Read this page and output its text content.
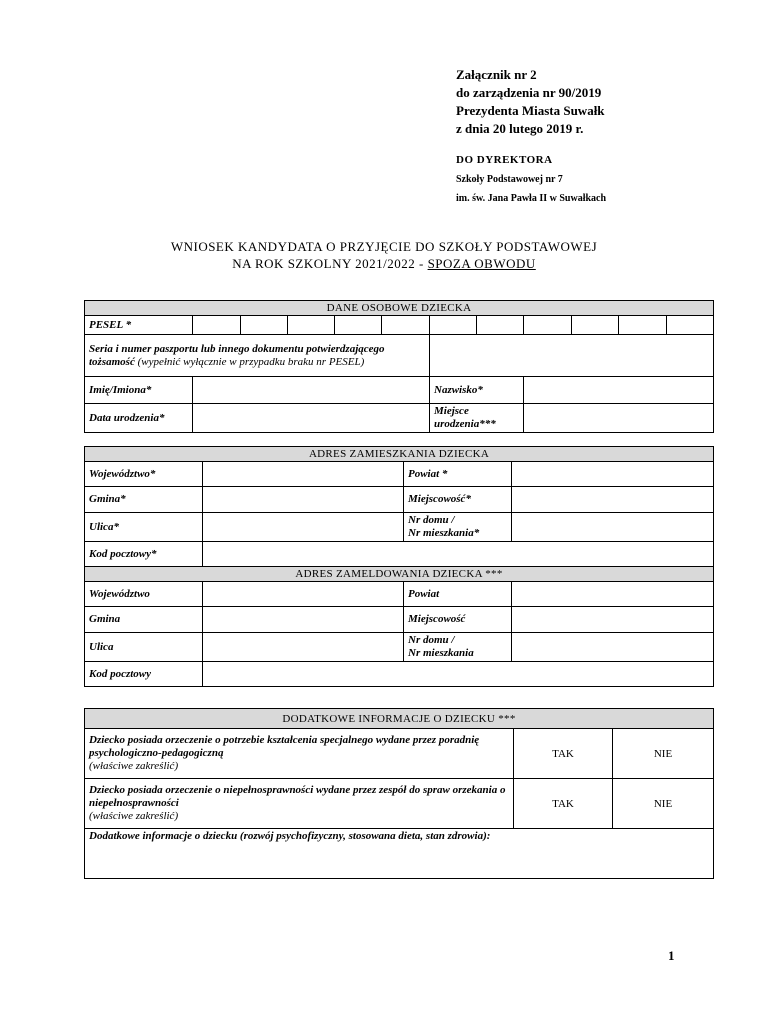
Załącznik nr 2
do zarządzenia nr 90/2019
Prezydenta Miasta Suwałk
z dnia 20 lutego 2019 r.
DO DYREKTORA
Szkoły Podstawowej nr 7
im. św. Jana Pawła II w Suwałkach
WNIOSEK KANDYDATA O PRZYJĘCIE DO SZKOŁY PODSTAWOWEJ
NA ROK SZKOLNY 2021/2022 - SPOZA OBWODU
DANE OSOBOWE DZIECKA											
PESEL *											
Seria i numer paszportu lub innego dokumentu potwierdzającego tożsamość (wypełnić wyłącznie w przypadku braku nr PESEL)											
Imię/Imiona*						Nazwisko*					
Data urodzenia*						Miejsce urodzenia***					
ADRES ZAMIESZKANIA DZIECKA			
Województwo*		Powiat *	
Gmina*		Miejscowość*	
Ulica*		Nr domu /
Nr mieszkania*	

Kod pocztowy*			
ADRES ZAMELDOWANIA DZIECKA ***			
Województwo		Powiat	
Gmina		Miejscowość	
Ulica		Nr domu /
Nr mieszkania	

Kod pocztowy			
DODATKOWE INFORMACJE O DZIECKU ***		

Dziecko posiada orzeczenie o potrzebie kształcenia specjalnego wydane przez poradnię psychologiczno-pedagogiczną
(właściwe zakreślić)	TAK	NIE

Dziecko posiada orzeczenie o niepełnosprawności wydane przez zespół do spraw orzekania o niepełnosprawności
(właściwe zakreślić)	TAK	NIE
Dodatkowe informacje o dziecku (rozwój psychofizyczny, stosowana dieta, stan zdrowia):		
1
